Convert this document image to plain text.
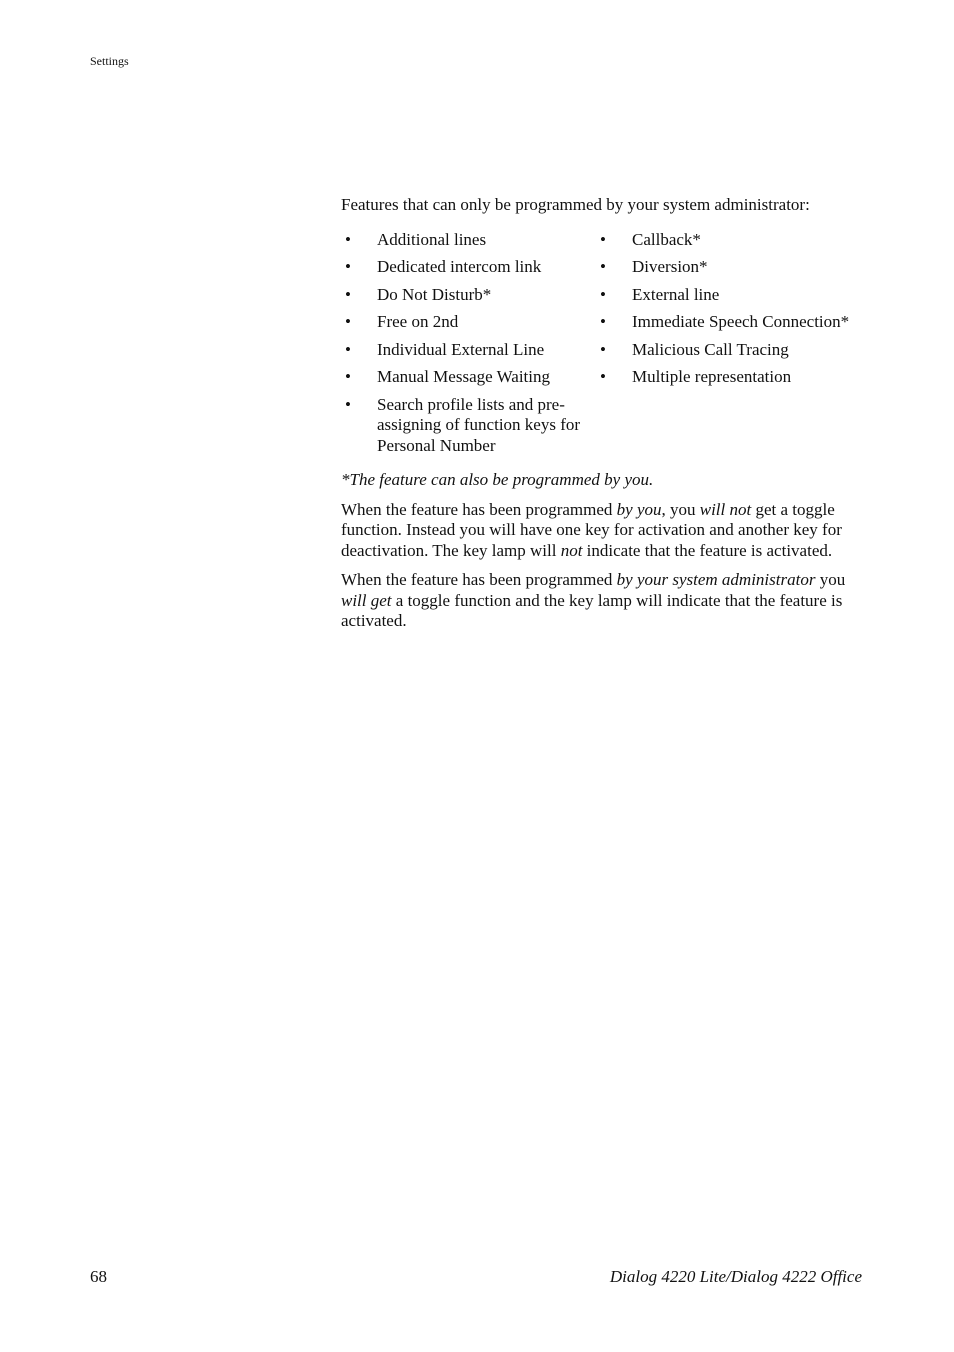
Settings

Features that can only be programmed by your system administrator:

•	Additional lines	•	Callback*
•	Dedicated intercom link	•	Diversion*
•	Do Not Disturb*	•	External line
•	Free on 2nd	•	Immediate Speech Connection*
•	Individual External Line	•	Malicious Call Tracing
•	Manual Message Waiting	•	Multiple representation
•	Search profile lists and pre-assigning of function keys for Personal Number

*The feature can also be programmed by you.

When the feature has been programmed by you, you will not get a toggle function. Instead you will have one key for activation and another key for deactivation. The key lamp will not indicate that the feature is activated.

When the feature has been programmed by your system administrator you will get a toggle function and the key lamp will indicate that the feature is activated.

68	Dialog 4220 Lite/Dialog 4222 Office
